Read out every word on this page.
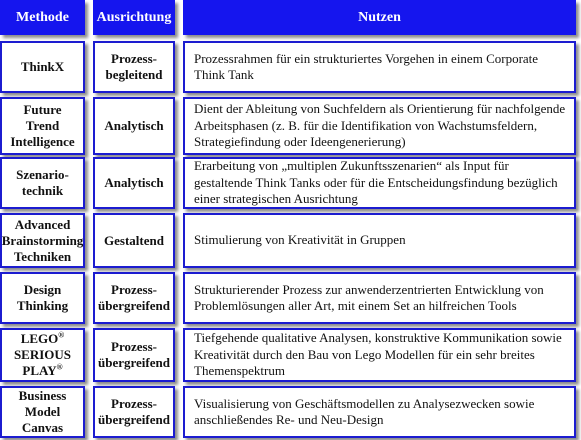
Methode Ausrichtung	Nutzen
ThinkX
Prozess-
begleitend
Prozessrahmen für ein strukturiertes Vorgehen in einem Corporate Think Tank
Future
Trend
Intelligence
Analytisch
Dient der Ableitung von Suchfeldern als Orientierung für nachfolgende Arbeitsphasen (z. B. für die Identifikation von Wachstumsfeldern, Strategiefindung oder Ideengenerierung)
Szenario-
technik
Analytisch
Erarbeitung von „multiplen Zukunftsszenarien“ als Input für gestaltende Think Tanks oder für die Entscheidungsfindung bezüglich einer strategischen Ausrichtung
Advanced
Brainstorming
Techniken
Gestaltend Stimulierung von Kreativität in Gruppen
Design
Thinking
Prozess-
übergreifend
Strukturierender Prozess zur anwenderzentrierten Entwicklung von Problemlösungen aller Art, mit einem Set an hilfreichen Tools
LEGO®
SERIOUS
PLAY®
Prozess-
übergreifend
Tiefgehende qualitative Analysen, konstruktive Kommunikation sowie Kreativität durch den Bau von Lego Modellen für ein sehr breites Themenspektrum
Business
Model
Canvas
Prozess-
übergreifend
Visualisierung von Geschäftsmodellen zu Analysezwecken sowie anschließendes Re- und Neu-Design
